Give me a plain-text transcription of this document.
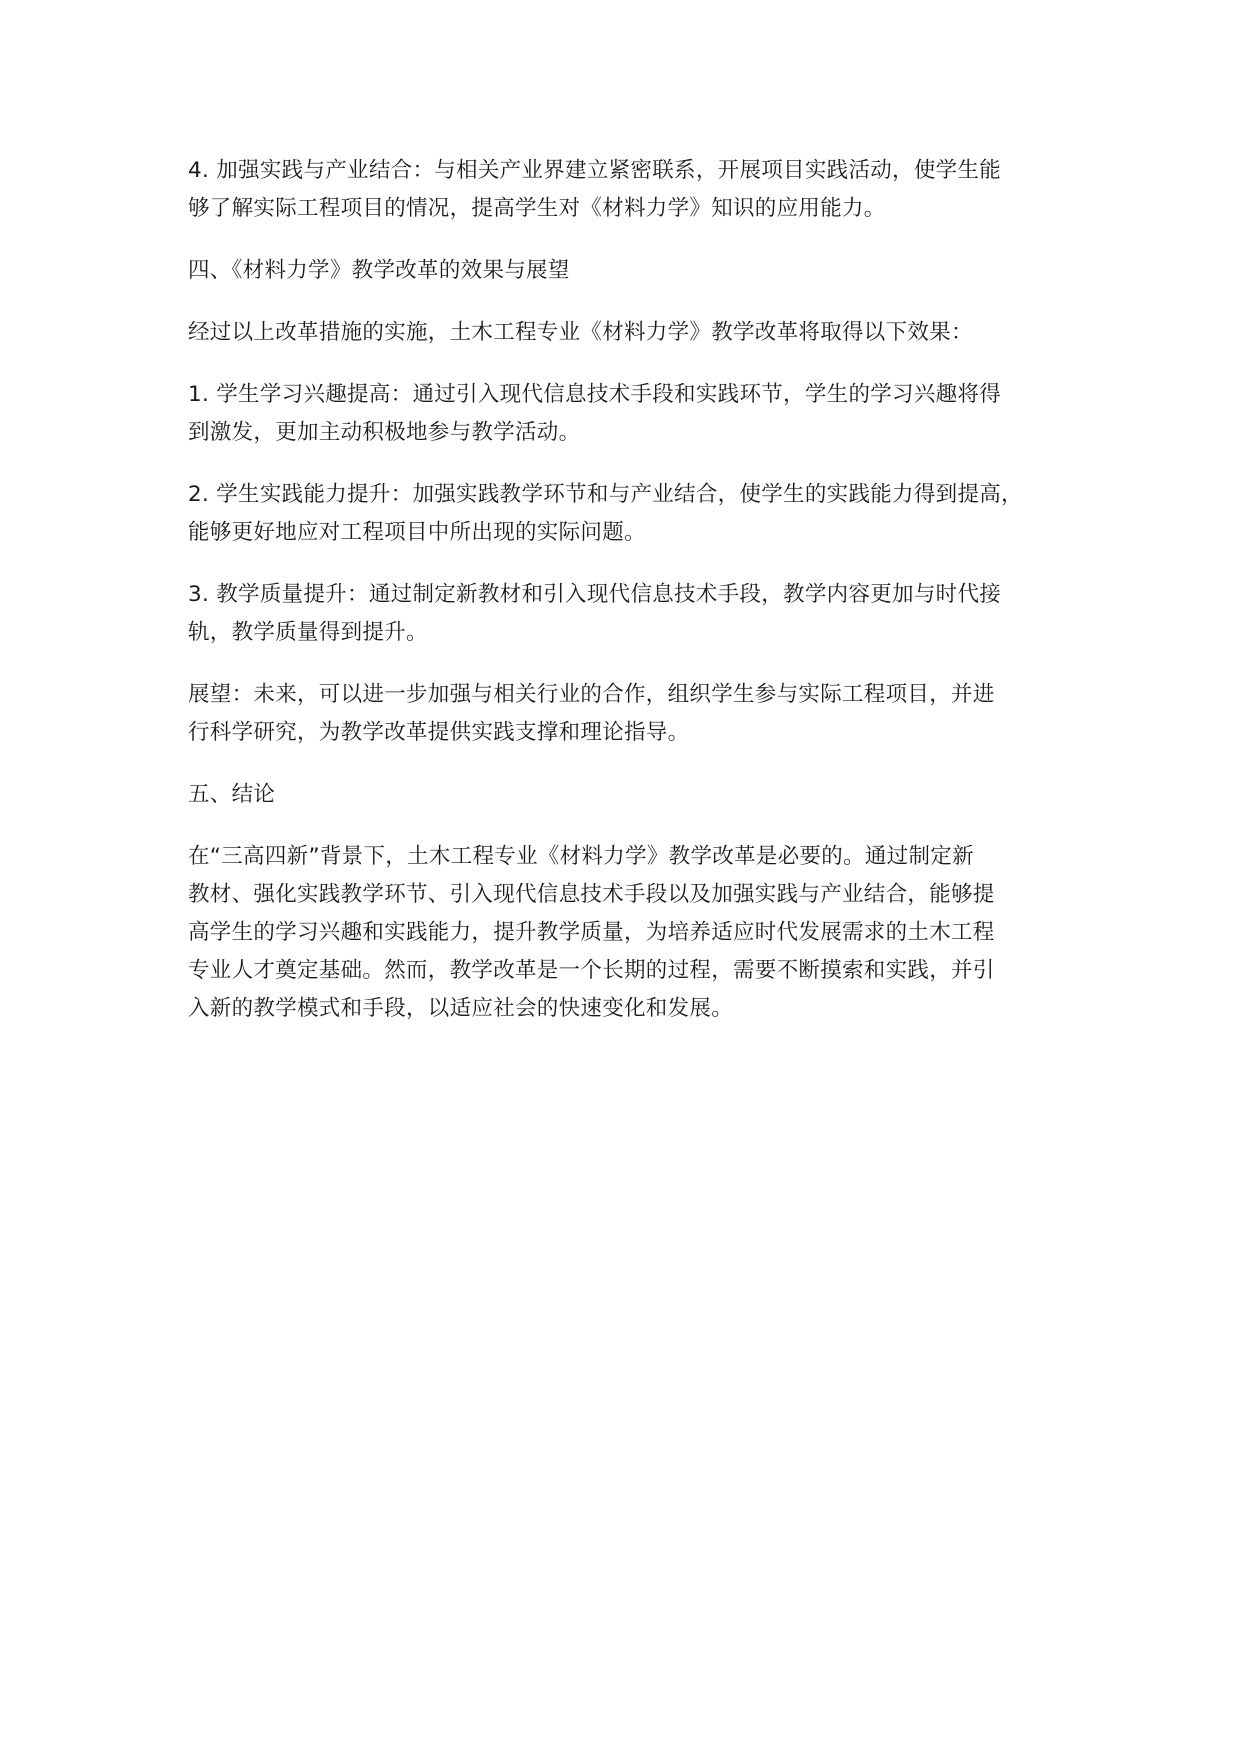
4. 加强实践与产业结合：与相关产业界建立紧密联系，开展项目实践活动，使学生能
够了解实际工程项目的情况，提高学生对《材料力学》知识的应用能力。

四、《材料力学》教学改革的效果与展望

经过以上改革措施的实施，土木工程专业《材料力学》教学改革将取得以下效果：

1. 学生学习兴趣提高：通过引入现代信息技术手段和实践环节，学生的学习兴趣将得
到激发，更加主动积极地参与教学活动。

2. 学生实践能力提升：加强实践教学环节和与产业结合，使学生的实践能力得到提高，
能够更好地应对工程项目中所出现的实际问题。

3. 教学质量提升：通过制定新教材和引入现代信息技术手段，教学内容更加与时代接
轨，教学质量得到提升。

展望：未来，可以进一步加强与相关行业的合作，组织学生参与实际工程项目，并进
行科学研究，为教学改革提供实践支撑和理论指导。

五、结论

在“三高四新”背景下，土木工程专业《材料力学》教学改革是必要的。通过制定新
教材、强化实践教学环节、引入现代信息技术手段以及加强实践与产业结合，能够提
高学生的学习兴趣和实践能力，提升教学质量，为培养适应时代发展需求的土木工程
专业人才奠定基础。然而，教学改革是一个长期的过程，需要不断摸索和实践，并引
入新的教学模式和手段，以适应社会的快速变化和发展。
